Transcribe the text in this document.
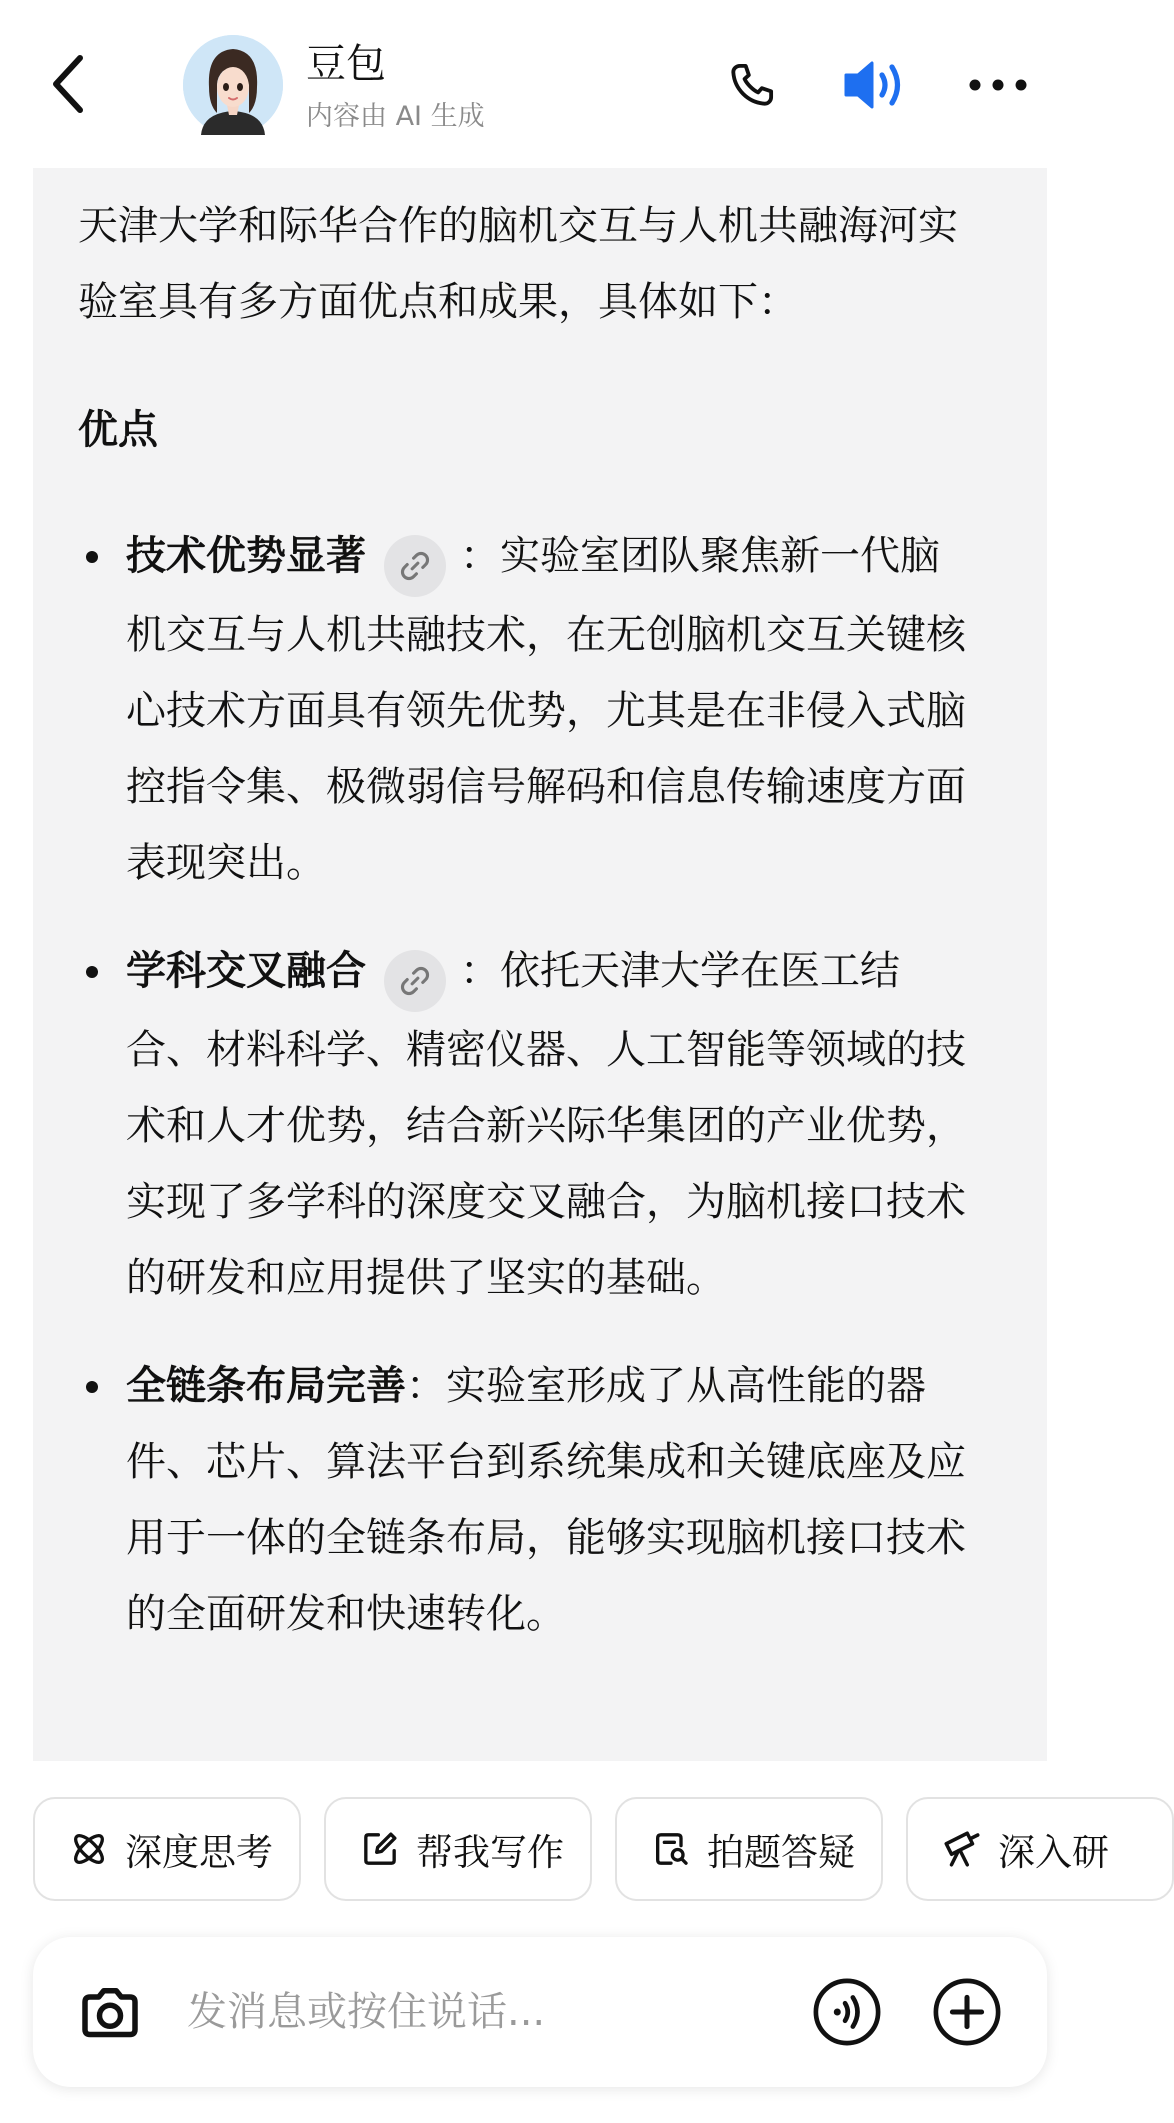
豆包
内容由 AI 生成

天津大学和际华合作的脑机交互与人机共融海河实验室具有多方面优点和成果，具体如下：

优点

技术优势显著 ：实验室团队聚焦新一代脑机交互与人机共融技术，在无创脑机交互关键核心技术方面具有领先优势，尤其是在非侵入式脑控指令集、极微弱信号解码和信息传输速度方面表现突出。
学科交叉融合 ：依托天津大学在医工结合、材料科学、精密仪器、人工智能等领域的技术和人才优势，结合新兴际华集团的产业优势，实现了多学科的深度交叉融合，为脑机接口技术的研发和应用提供了坚实的基础。
全链条布局完善：实验室形成了从高性能的器件、芯片、算法平台到系统集成和关键底座及应用于一体的全链条布局，能够实现脑机接口技术的全面研发和快速转化。
深度思考	帮我写作	拍题答疑	深入研
发消息或按住说话...
